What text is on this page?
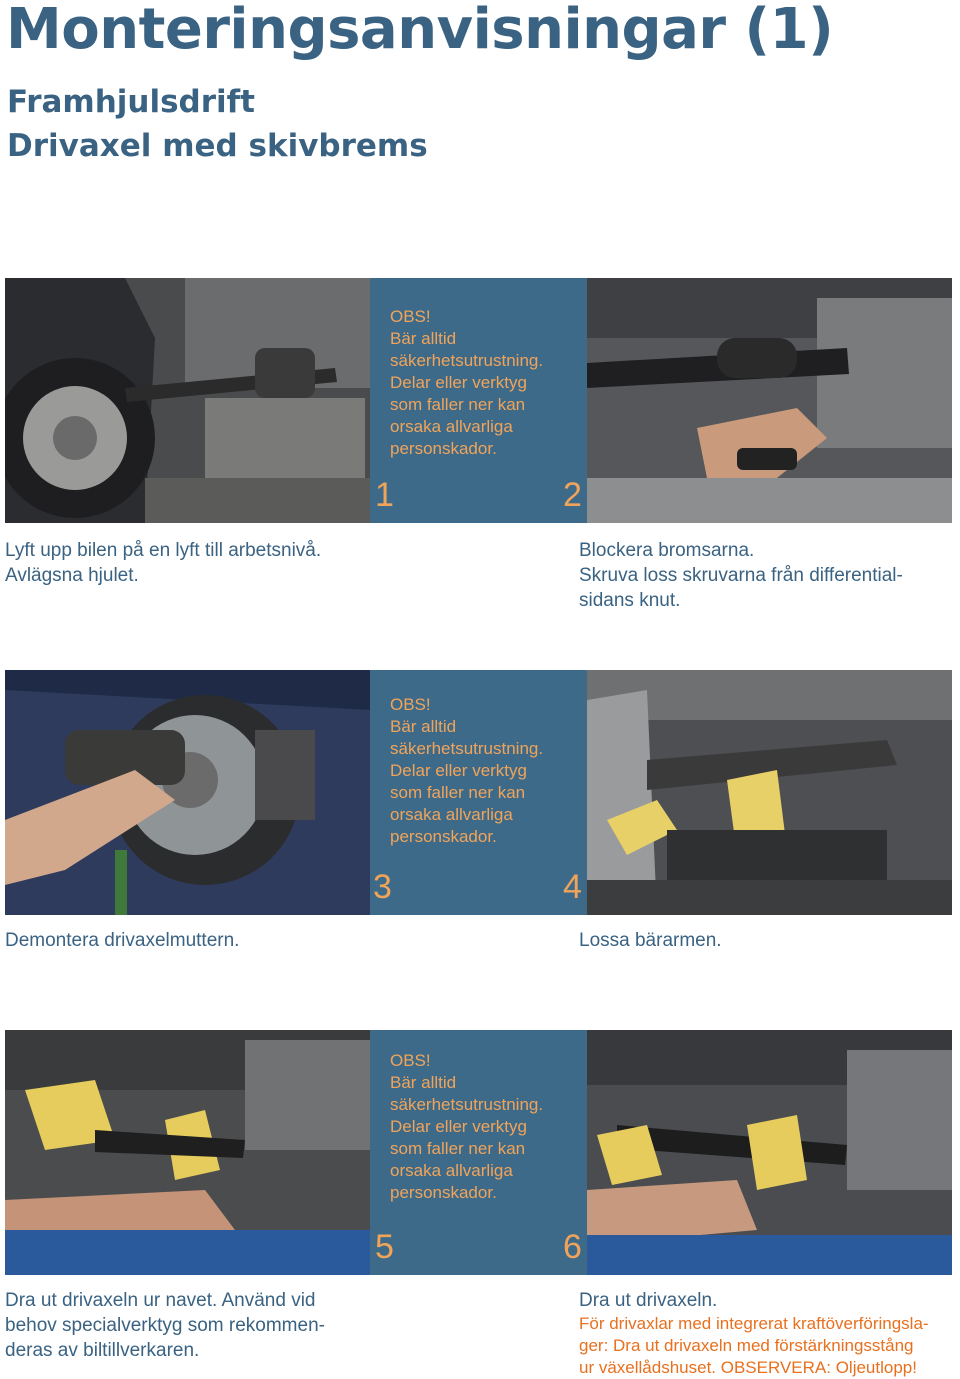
Monteringsanvisningar (1)
Framhjulsdrift
Drivaxel med skivbrems
OBS!
Bär alltid
säkerhetsutrustning.
Delar eller verktyg
som faller ner kan
orsaka allvarliga
personskador.
1	2
Lyft upp bilen på en lyft till arbetsnivå.
Avlägsna hjulet.
Blockera bromsarna.
Skruva loss skruvarna från differential-
sidans knut.
OBS!
Bär alltid
säkerhetsutrustning.
Delar eller verktyg
som faller ner kan
orsaka allvarliga
personskador.
3	4
Demontera drivaxelmuttern.	Lossa bärarmen.
OBS!
Bär alltid
säkerhetsutrustning.
Delar eller verktyg
som faller ner kan
orsaka allvarliga
personskador.
5	6
Dra ut drivaxeln ur navet. Använd vid
behov specialverktyg som rekommen-
deras av biltillverkaren.
Dra ut drivaxeln.
För drivaxlar med integrerat kraftöverföringsla-
ger: Dra ut drivaxeln med förstärkningsstång
ur växellådshuset. OBSERVERA: Oljeutlopp!
